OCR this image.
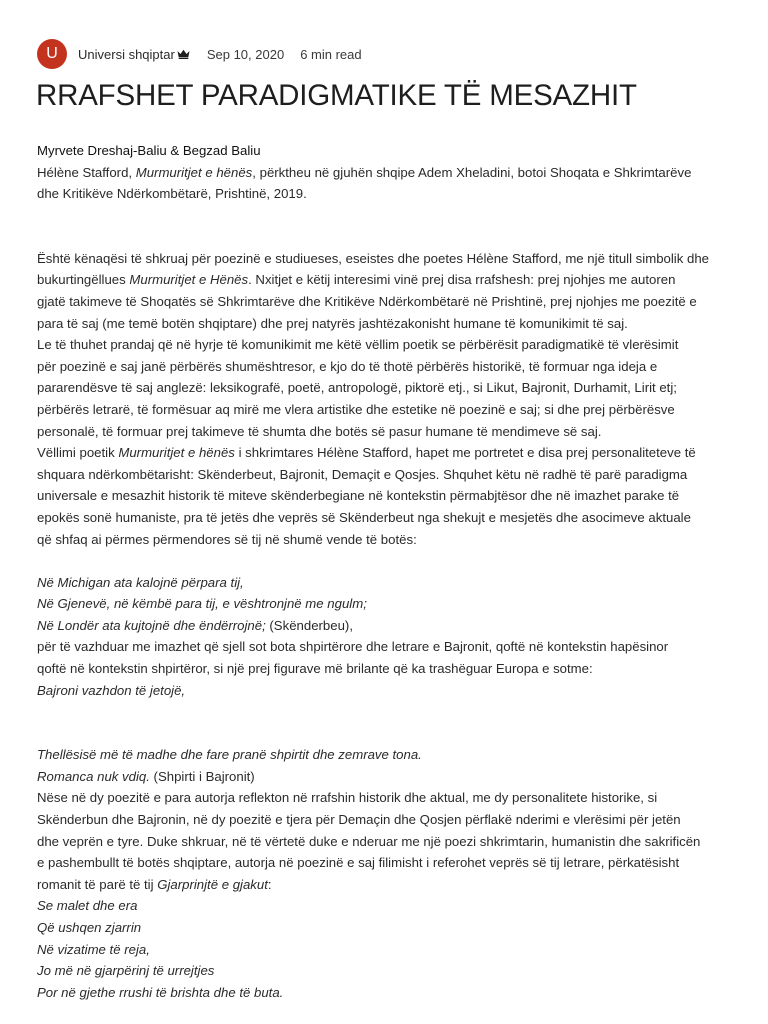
U	Universi shqiptar Sep 10, 2020 6 min read
RRAFSHET PARADIGMATIKE TË MESAZHIT
Myrvete Dreshaj-Baliu & Begzad Baliu
Hélène Stafford, Murmuritjet e hënës, përktheu në gjuhën shqipe Adem Xheladini, botoi Shoqata e Shkrimtarëve
dhe Kritikëve Ndërkombëtarë, Prishtinë, 2019.
Është kënaqësi të shkruaj për poezinë e studiueses, eseistes dhe poetes Hélène Stafford, me një titull simbolik dhe
bukurtingëllues Murmuritjet e Hënës. Nxitjet e këtij interesimi vinë prej disa rrafshesh: prej njohjes me autoren
gjatë takimeve të Shoqatës së Shkrimtarëve dhe Kritikëve Ndërkombëtarë në Prishtinë, prej njohjes me poezitë e
para të saj (me temë botën shqiptare) dhe prej natyrës jashtëzakonisht humane të komunikimit të saj.
Le të thuhet prandaj që në hyrje të komunikimit me këtë vëllim poetik se përbërësit paradigmatikë të vlerësimit
për poezinë e saj janë përbërës shumështresor, e kjo do të thotë përbërës historikë, të formuar nga ideja e
pararendësve të saj anglezë: leksikografë, poetë, antropologë, piktorë etj., si Likut, Bajronit, Durhamit, Lirit etj;
përbërës letrarë, të formësuar aq mirë me vlera artistike dhe estetike në poezinë e saj; si dhe prej përbërësve
personalë, të formuar prej takimeve të shumta dhe botës së pasur humane të mendimeve së saj.
Vëllimi poetik Murmuritjet e hënës i shkrimtares Hélène Stafford, hapet me portretet e disa prej personaliteteve të
shquara ndërkombëtarisht: Skënderbeut, Bajronit, Demaçit e Qosjes. Shquhet këtu në radhë të parë paradigma
universale e mesazhit historik të miteve skënderbegiane në kontekstin përmabjtësor dhe në imazhet parake të
epokës sonë humaniste, pra të jetës dhe veprës së Skënderbeut nga shekujt e mesjetës dhe asocimeve aktuale
që shfaq ai përmes përmendores së tij në shumë vende të botës:
Në Michigan ata kalojnë përpara tij,
Në Gjenevë, në këmbë para tij, e vështronjnë me ngulm;
Në Londër ata kujtojnë dhe ëndërrojnë; (Skënderbeu),
për të vazhduar me imazhet që sjell sot bota shpirtërore dhe letrare e Bajronit, qoftë në kontekstin hapësinor
qoftë në kontekstin shpirtëror, si një prej figurave më brilante që ka trashëguar Europa e sotme:
Bajroni vazhdon të jetojë,
Thellësisë më të madhe dhe fare pranë shpirtit dhe zemrave tona.
Romanca nuk vdiq. (Shpirti i Bajronit)
Nëse në dy poezitë e para autorja reflekton në rrafshin historik dhe aktual, me dy personalitete historike, si
Skënderbun dhe Bajronin, në dy poezitë e tjera për Demaçin dhe Qosjen përflakë nderimi e vlerësimi për jetën
dhe veprën e tyre. Duke shkruar, në të vërtetë duke e nderuar me një poezi shkrimtarin, humanistin dhe sakrificën
e pashembullt të botës shqiptare, autorja në poezinë e saj filimisht i referohet veprës së tij letrare, përkatësisht
romanit të parë të tij Gjarprinjtë e gjakut:
Se malet dhe era
Që ushqen zjarrin
Në vizatime të reja,
Jo më në gjarpërinj të urrejtjes
Por në gjethe rrushi të brishta dhe të buta.
